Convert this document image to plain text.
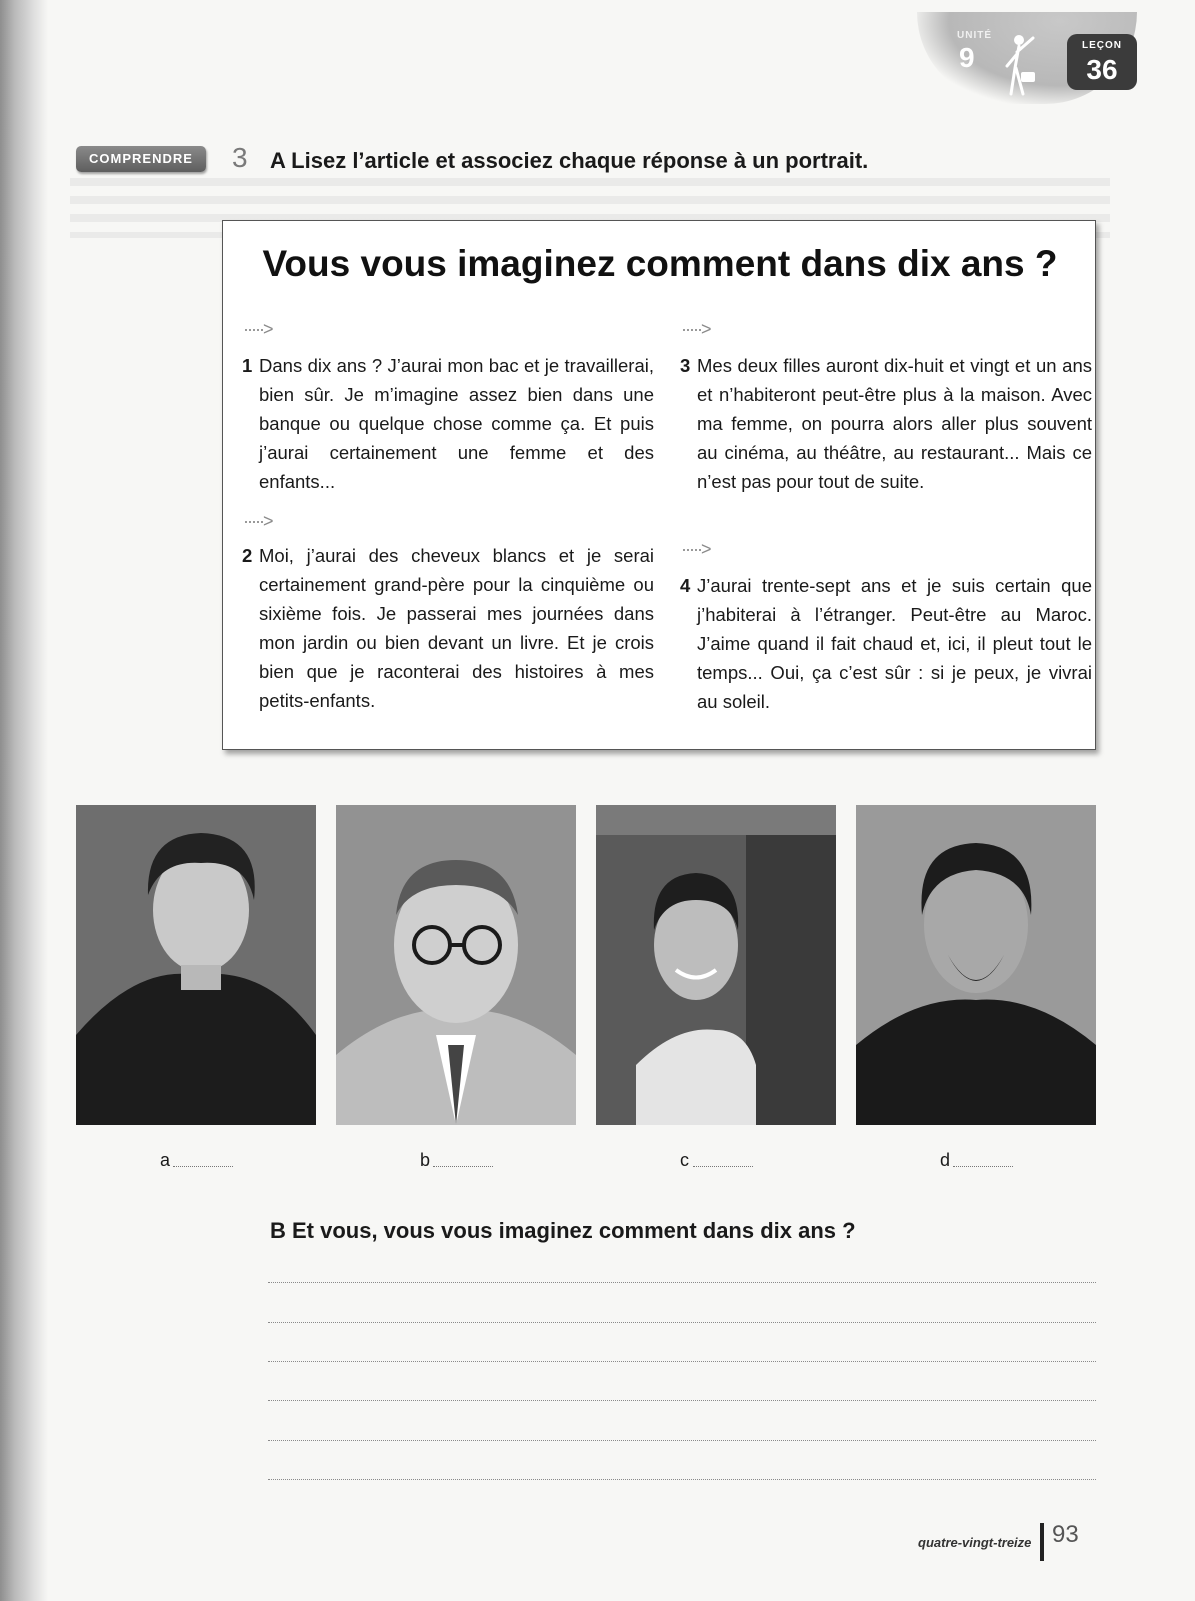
UNITÉ
9	LEÇON
36
COMPRENDRE	3 A Lisez l’article et associez chaque réponse à un portrait.
Vous vous imaginez comment dans dix ans ?
·····>
1 Dans dix ans ? J’aurai mon bac et je travaillerai, bien sûr. Je m’imagine assez bien dans une banque ou quelque chose comme ça. Et puis j’aurai certainement une femme et des enfants...
·····>
2 Moi, j’aurai des cheveux blancs et je serai certainement grand-père pour la cinquième ou sixième fois. Je passerai mes journées dans mon jardin ou bien devant un livre. Et je crois bien que je raconterai des histoires à mes petits-enfants.
·····>
3 Mes deux filles auront dix-huit et vingt et un ans et n’habiteront peut-être plus à la maison. Avec ma femme, on pourra alors aller plus souvent au cinéma, au théâtre, au restaurant... Mais ce n’est pas pour tout de suite.
·····>
4 J’aurai trente-sept ans et je suis certain que j’habiterai à l’étranger. Peut-être au Maroc. J’aime quand il fait chaud et, ici, il pleut tout le temps... Oui, ça c’est sûr : si je peux, je vivrai au soleil.
a	b	c	d
B Et vous, vous vous imaginez comment dans dix ans ?
quatre-vingt-treize 93
